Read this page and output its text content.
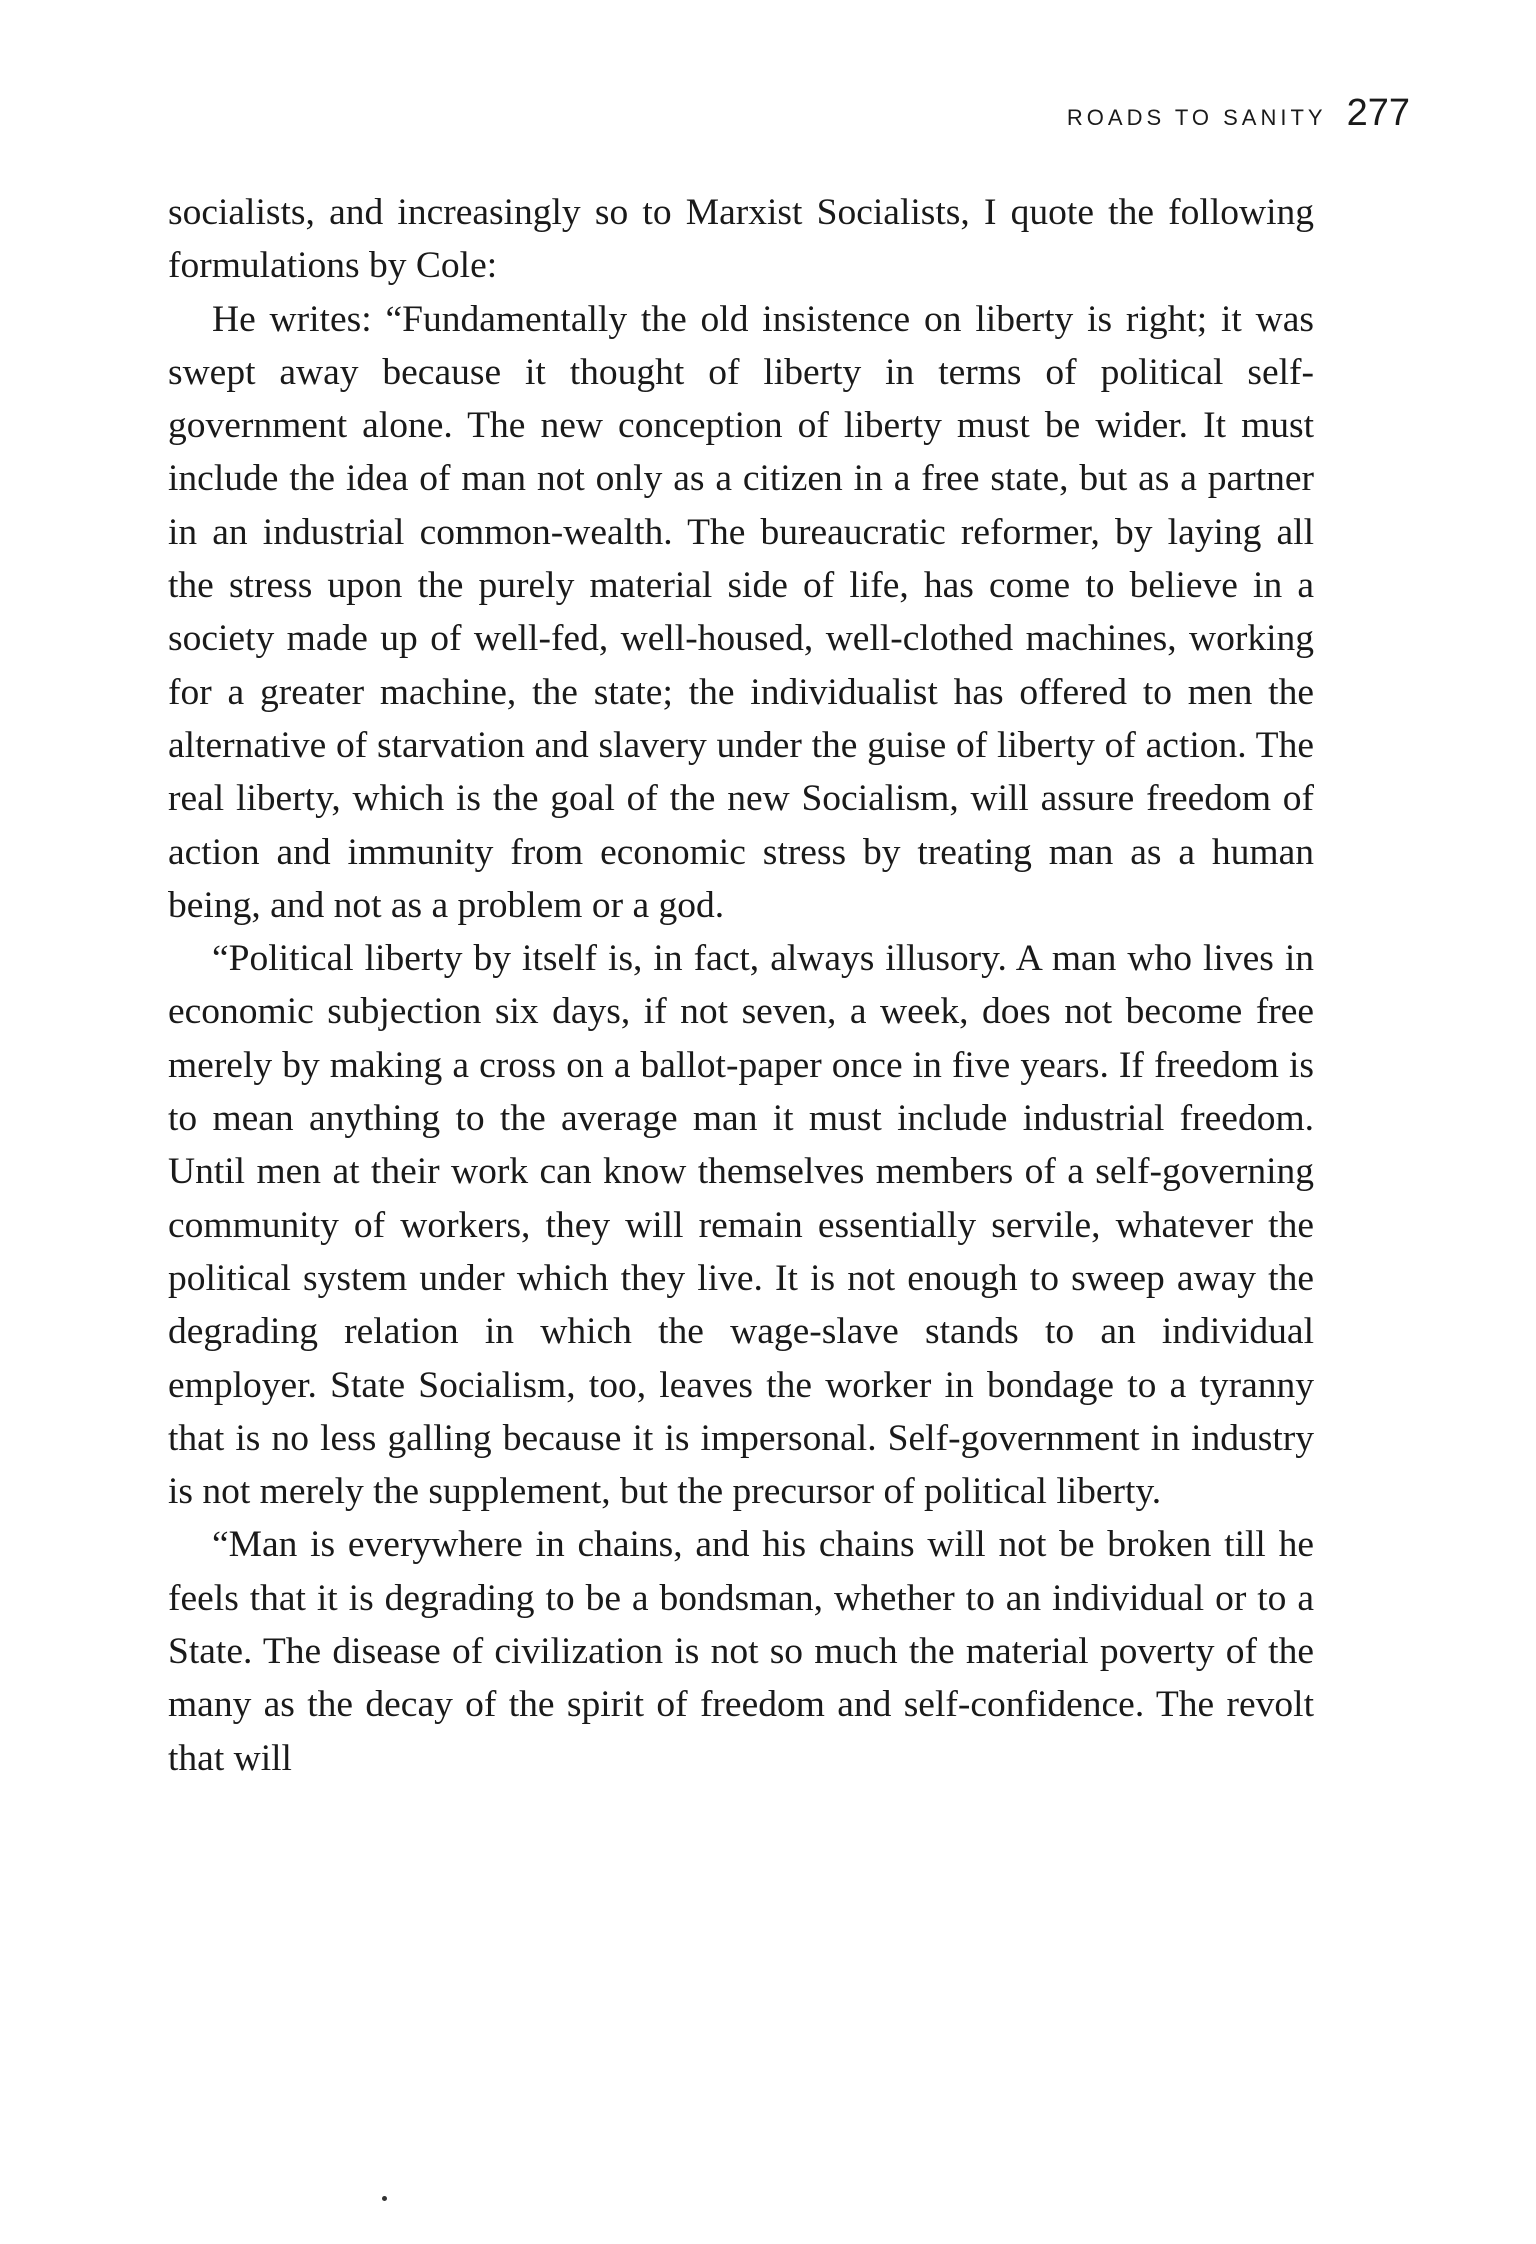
ROADS TO SANITY 277

socialists, and increasingly so to Marxist Socialists, I quote the following formulations by Cole:

He writes: “Fundamentally the old insistence on liberty is right; it was swept away because it thought of liberty in terms of political self-government alone. The new conception of liberty must be wider. It must include the idea of man not only as a citizen in a free state, but as a partner in an industrial common-wealth. The bureaucratic reformer, by laying all the stress upon the purely material side of life, has come to believe in a society made up of well-fed, well-housed, well-clothed machines, working for a greater machine, the state; the individualist has offered to men the alternative of starvation and slavery under the guise of liberty of action. The real liberty, which is the goal of the new Socialism, will assure freedom of action and immunity from economic stress by treating man as a human being, and not as a problem or a god.

“Political liberty by itself is, in fact, always illusory. A man who lives in economic subjection six days, if not seven, a week, does not become free merely by making a cross on a ballot-paper once in five years. If freedom is to mean anything to the average man it must include industrial freedom. Until men at their work can know themselves members of a self-governing community of workers, they will remain essentially servile, whatever the political system under which they live. It is not enough to sweep away the degrading relation in which the wage-slave stands to an individual employer. State Socialism, too, leaves the worker in bondage to a tyranny that is no less galling because it is impersonal. Self-government in industry is not merely the supplement, but the precursor of political liberty.

“Man is everywhere in chains, and his chains will not be broken till he feels that it is degrading to be a bondsman, whether to an individual or to a State. The disease of civilization is not so much the material poverty of the many as the decay of the spirit of freedom and self-confidence. The revolt that will
